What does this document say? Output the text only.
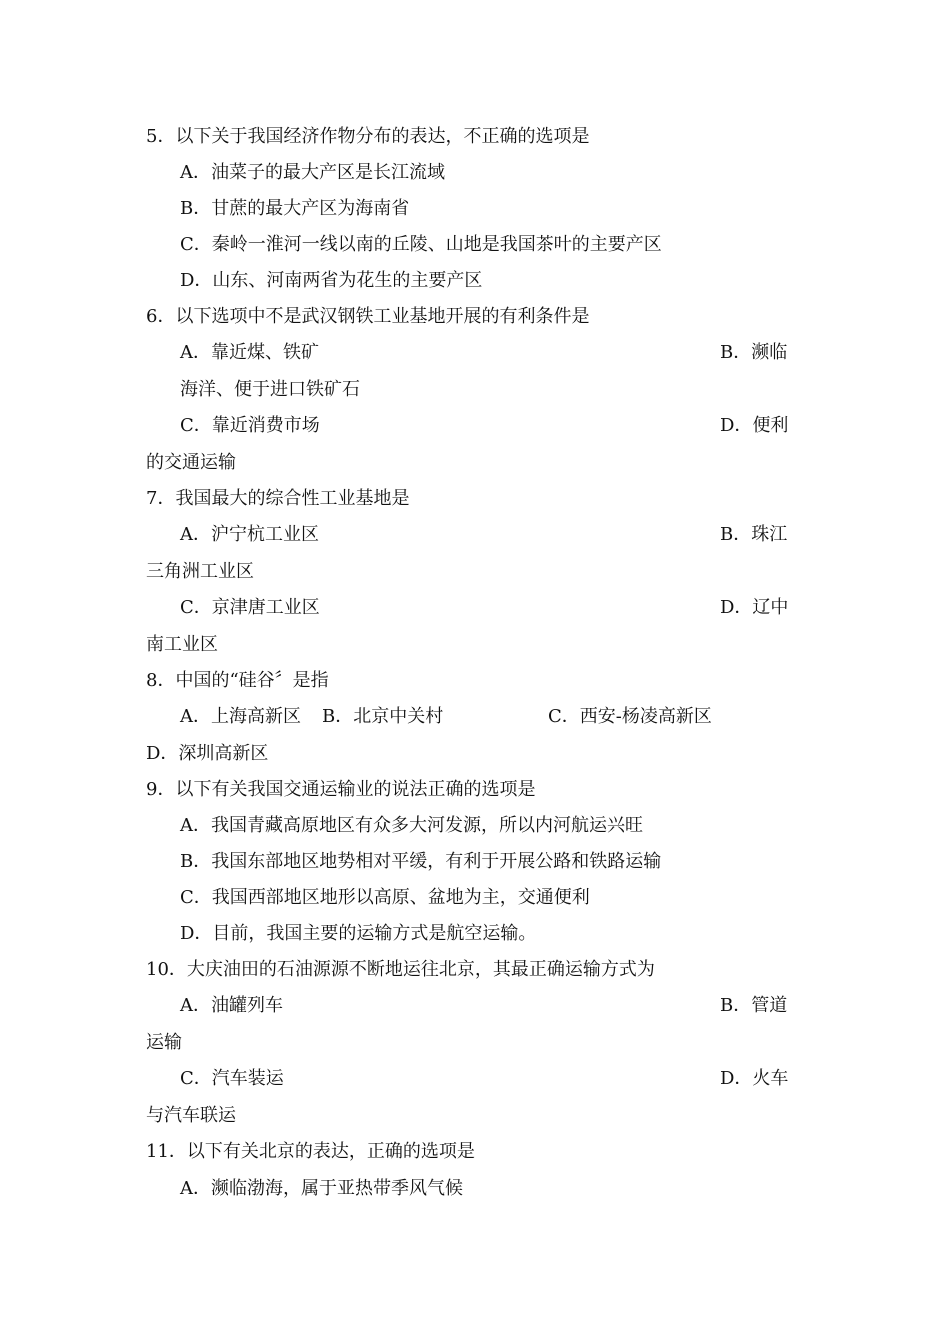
5．以下关于我国经济作物分布的表达，不正确的选项是
A．油菜子的最大产区是长江流域
B．甘蔗的最大产区为海南省
C．秦岭一淮河一线以南的丘陵、山地是我国茶叶的主要产区
D．山东、河南两省为花生的主要产区
6．以下选项中不是武汉钢铁工业基地开展的有利条件是
A．靠近煤、铁矿	B．濒临
海洋、便于进口铁矿石
C．靠近消费市场	D．便利
的交通运输
7．我国最大的综合性工业基地是
A．沪宁杭工业区	B．珠江
三角洲工业区
C．京津唐工业区	D．辽中
南工业区
8．中国的“硅谷〞是指
A．上海高新区 B．北京中关村	C．西安-杨凌高新区
D．深圳高新区
9．以下有关我国交通运输业的说法正确的选项是
A．我国青藏高原地区有众多大河发源，所以内河航运兴旺
B．我国东部地区地势相对平缓，有利于开展公路和铁路运输
C．我国西部地区地形以高原、盆地为主，交通便利
D．目前，我国主要的运输方式是航空运输。
10．大庆油田的石油源源不断地运往北京，其最正确运输方式为
A．油罐列车	B．管道
运输
C．汽车装运	D．火车
与汽车联运
11．以下有关北京的表达，正确的选项是
A．濒临渤海，属于亚热带季风气候
